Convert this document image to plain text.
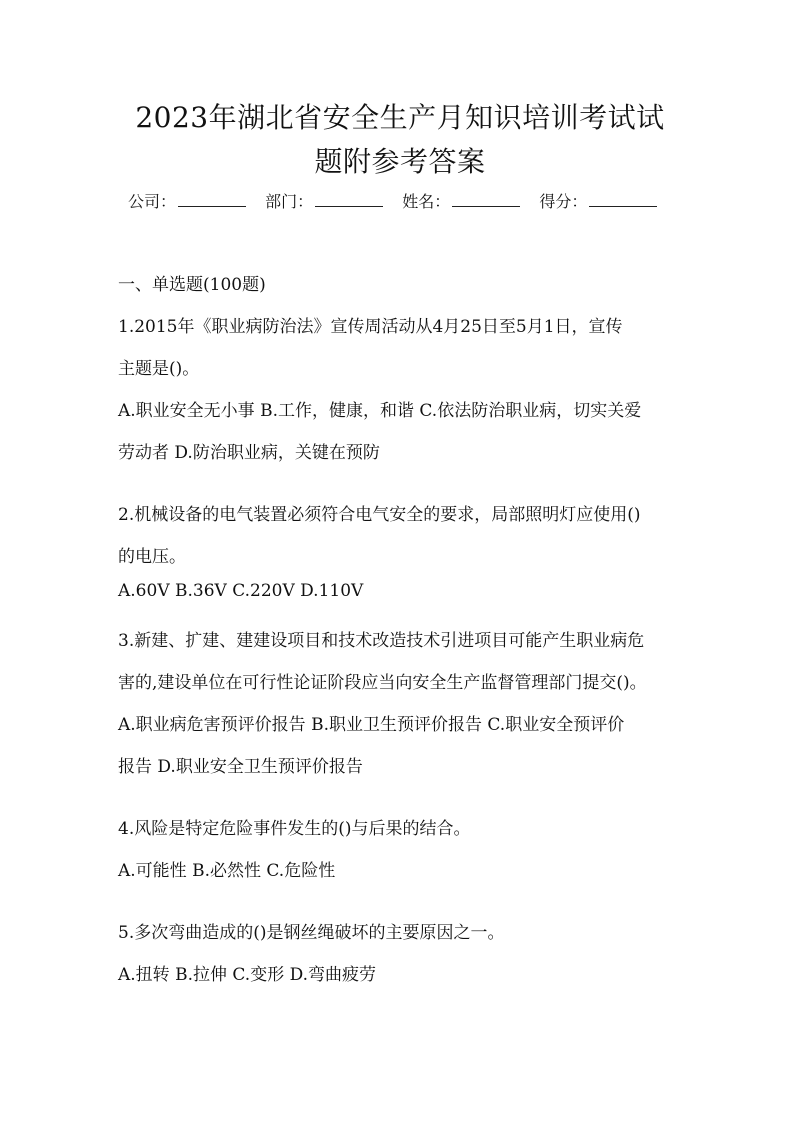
2023年湖北省安全生产月知识培训考试试
题附参考答案
公司：	部门：	姓名：	得分：
一、单选题(100题)
1.2015年《职业病防治法》宣传周活动从4月25日至5月1日，宣传
主题是()。
A.职业安全无小事 B.工作，健康，和谐 C.依法防治职业病，切实关爱
劳动者 D.防治职业病，关键在预防
2.机械设备的电气装置必须符合电气安全的要求，局部照明灯应使用()
的电压。
A.60V B.36V C.220V D.110V
3.新建、扩建、建建设项目和技术改造技术引进项目可能产生职业病危
害的,建设单位在可行性论证阶段应当向安全生产监督管理部门提交()。
A.职业病危害预评价报告 B.职业卫生预评价报告 C.职业安全预评价
报告 D.职业安全卫生预评价报告
4.风险是特定危险事件发生的()与后果的结合。
A.可能性 B.必然性 C.危险性
5.多次弯曲造成的()是钢丝绳破坏的主要原因之一。
A.扭转 B.拉伸 C.变形 D.弯曲疲劳
